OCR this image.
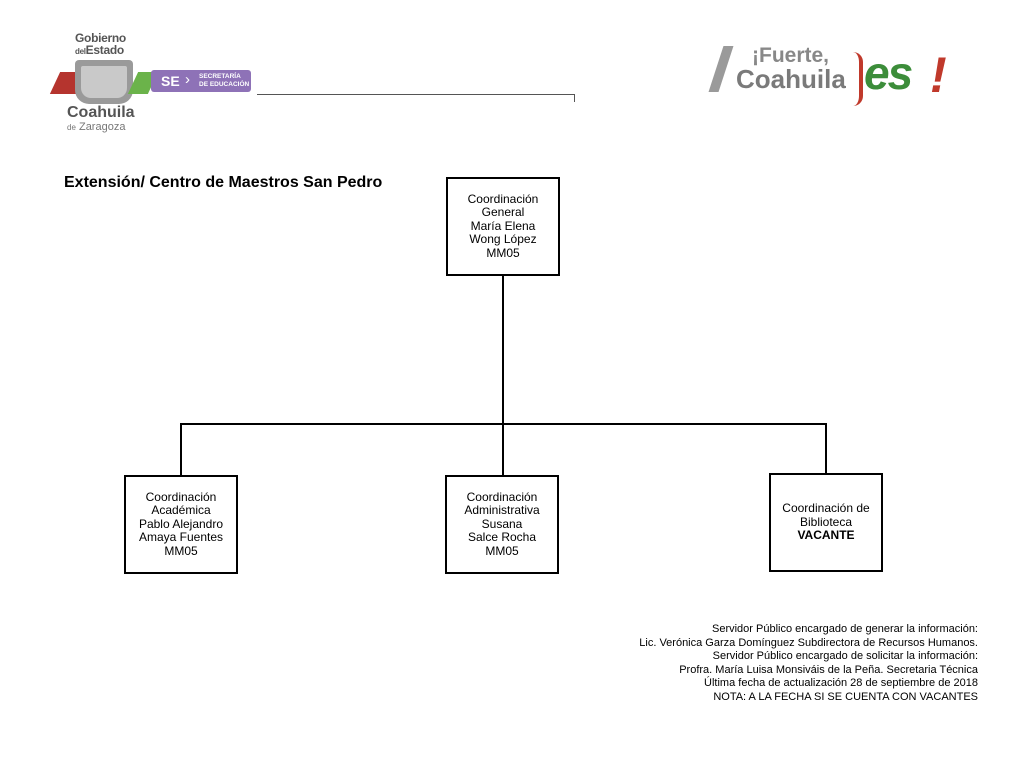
Gobierno
delEstado
Coahuila
de Zaragoza
SE › SECRETARÍA
DE EDUCACIÓN
¡Fuerte,
Coahuila es !
Extensión/ Centro de Maestros San Pedro
Coordinación
General
María Elena
Wong López
MM05
Coordinación
Académica
Pablo Alejandro
Amaya Fuentes
MM05
Coordinación
Administrativa
Susana
Salce Rocha
MM05
Coordinación de
Biblioteca
VACANTE
Servidor Público encargado de generar la información:
Lic. Verónica Garza Domínguez Subdirectora de Recursos Humanos.
Servidor Público encargado de solicitar la información:
Profra. María Luisa Monsiváis de la Peña. Secretaria Técnica
Última fecha de actualización 28 de septiembre de 2018
NOTA: A LA FECHA SI SE CUENTA CON VACANTES
